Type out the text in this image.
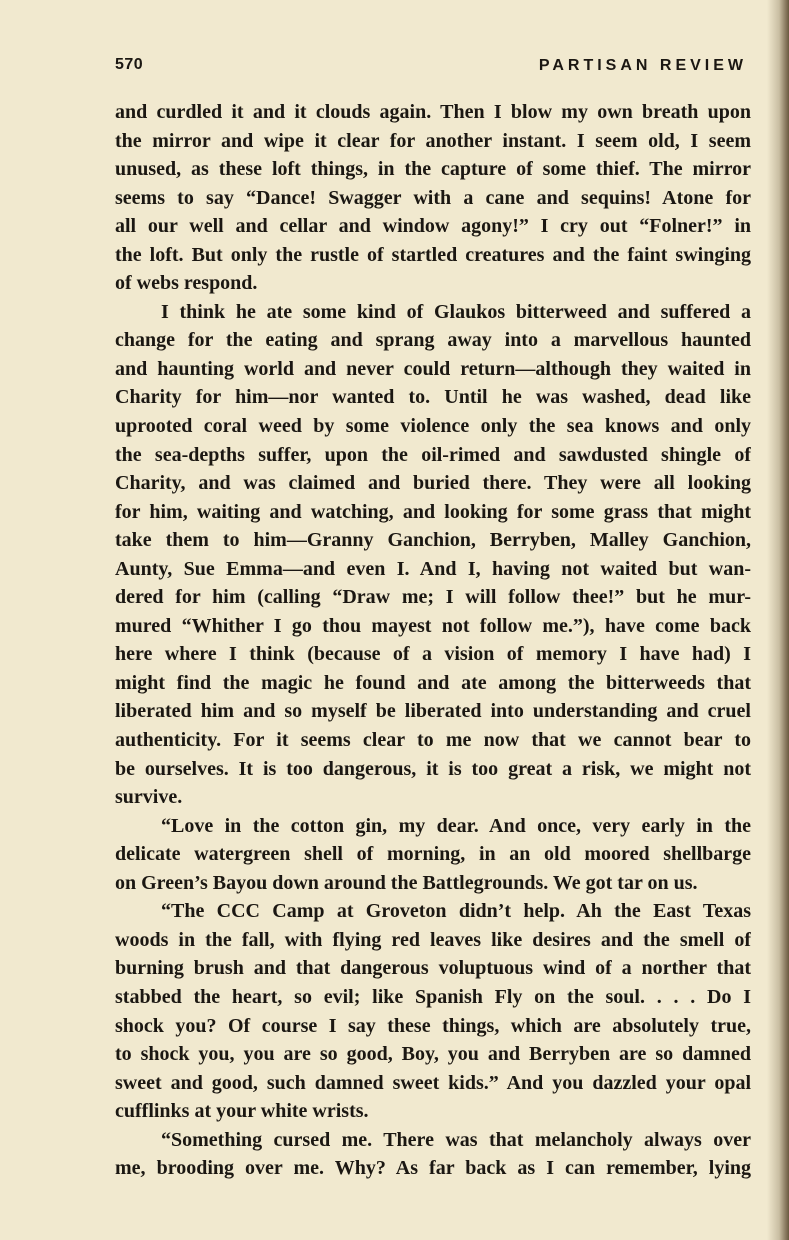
570	PARTISAN REVIEW
and curdled it and it clouds again. Then I blow my own breath upon
the mirror and wipe it clear for another instant. I seem old, I seem
unused, as these loft things, in the capture of some thief. The mirror
seems to say “Dance! Swagger with a cane and sequins! Atone for
all our well and cellar and window agony!” I cry out “Folner!” in
the loft. But only the rustle of startled creatures and the faint swinging
of webs respond.
I think he ate some kind of Glaukos bitterweed and suffered a
change for the eating and sprang away into a marvellous haunted
and haunting world and never could return—although they waited in
Charity for him—nor wanted to. Until he was washed, dead like
uprooted coral weed by some violence only the sea knows and only
the sea-depths suffer, upon the oil-rimed and sawdusted shingle of
Charity, and was claimed and buried there. They were all looking
for him, waiting and watching, and looking for some grass that might
take them to him—Granny Ganchion, Berryben, Malley Ganchion,
Aunty, Sue Emma—and even I. And I, having not waited but wan-
dered for him (calling “Draw me; I will follow thee!” but he mur-
mured “Whither I go thou mayest not follow me.”), have come back
here where I think (because of a vision of memory I have had) I
might find the magic he found and ate among the bitterweeds that
liberated him and so myself be liberated into understanding and cruel
authenticity. For it seems clear to me now that we cannot bear to
be ourselves. It is too dangerous, it is too great a risk, we might not
survive.
“Love in the cotton gin, my dear. And once, very early in the
delicate watergreen shell of morning, in an old moored shellbarge
on Green’s Bayou down around the Battlegrounds. We got tar on us.
“The CCC Camp at Groveton didn’t help. Ah the East Texas
woods in the fall, with flying red leaves like desires and the smell of
burning brush and that dangerous voluptuous wind of a norther that
stabbed the heart, so evil; like Spanish Fly on the soul. . . . Do I
shock you? Of course I say these things, which are absolutely true,
to shock you, you are so good, Boy, you and Berryben are so damned
sweet and good, such damned sweet kids.” And you dazzled your opal
cufflinks at your white wrists.
“Something cursed me. There was that melancholy always over
me, brooding over me. Why? As far back as I can remember, lying
